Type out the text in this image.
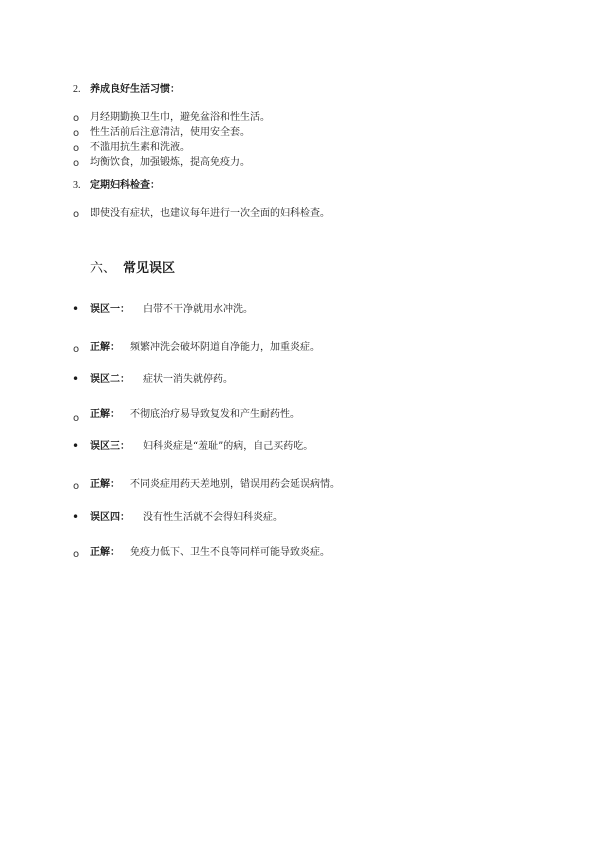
2. 养成良好生活习惯：
o 月经期勤换卫生巾，避免盆浴和性生活。
o 性生活前后注意清洁，使用安全套。
o 不滥用抗生素和洗液。
o 均衡饮食，加强锻炼，提高免疫力。
3. 定期妇科检查：
o 即使没有症状，也建议每年进行一次全面的妇科检查。
六、 常见误区
• 误区一： 白带不干净就用水冲洗。
o 正解： 频繁冲洗会破坏阴道自净能力，加重炎症。
• 误区二： 症状一消失就停药。
o 正解： 不彻底治疗易导致复发和产生耐药性。
• 误区三： 妇科炎症是“羞耻”的病，自己买药吃。
o 正解： 不同炎症用药天差地别，错误用药会延误病情。
• 误区四： 没有性生活就不会得妇科炎症。
o 正解： 免疫力低下、卫生不良等同样可能导致炎症。
